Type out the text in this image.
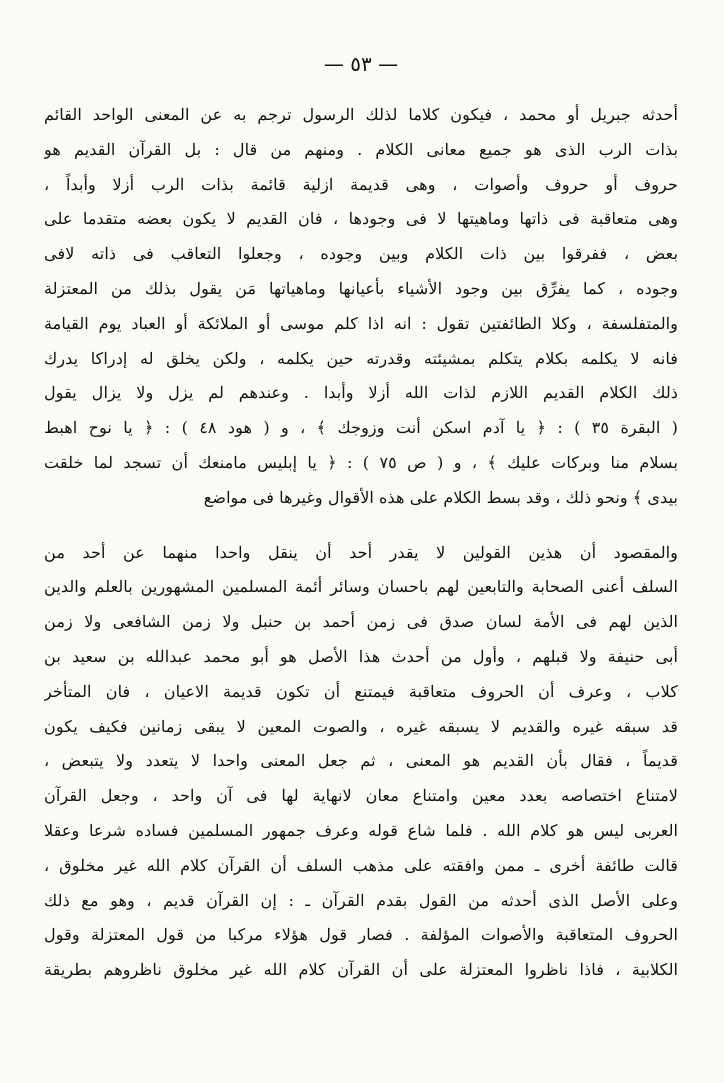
— ٥٣ —
أحدثه جبريل أو محمد ، فيكون كلاما لذلك الرسول ترجم به عن المعنى الواحد القائم
بذات الرب الذى هو جميع معانى الكلام . ومنهم من قال : بل القرآن القديم هو
حروف أو حروف وأصوات ، وهى قديمة ازلية قائمة بذات الرب أزلا وأبداً ،
وهى متعاقبة فى ذاتها وماهيتها لا فى وجودها ، فان القديم لا يكون بعضه متقدما على
بعض ، ففرقوا بين ذات الكلام وبين وجوده ، وجعلوا التعاقب فى ذاته لافى
وجوده ، كما يفرِّق بين وجود الأشياء بأعيانها وماهياتها مَن يقول بذلك من المعتزلة
والمتفلسفة ، وكلا الطائفتين تقول : انه اذا كلم موسى أو الملائكة أو العباد يوم القيامة
فانه لا يكلمه بكلام يتكلم بمشيئته وقدرته حين يكلمه ، ولكن يخلق له إدراكا يدرك
ذلك الكلام القديم اللازم لذات الله أزلا وأبدا . وعندهم لم يزل ولا يزال يقول
( البقرة ٣٥ ) : ﴿ يا آدم اسكن أنت وزوجك ﴾ ، و ( هود ٤٨ ) : ﴿ يا نوح اهبط
بسلام منا وبركات عليك ﴾ ، و ( ص ٧٥ ) : ﴿ يا إبليس مامنعك أن تسجد لما خلقت
بيدى ﴾ ونحو ذلك ، وقد بسط الكلام على هذه الأقوال وغيرها فى مواضع
والمقصود أن هذين القولين لا يقدر أحد أن ينقل واحدا منهما عن أحد من
السلف أعنى الصحابة والتابعين لهم باحسان وسائر أئمة المسلمين المشهورين بالعلم والدين
الذين لهم فى الأمة لسان صدق فى زمن أحمد بن حنبل ولا زمن الشافعى ولا زمن
أبى حنيفة ولا قبلهم ، وأول من أحدث هذا الأصل هو أبو محمد عبدالله بن سعيد بن
كلاب ، وعرف أن الحروف متعاقبة فيمتنع أن تكون قديمة الاعيان ، فان المتأخر
قد سبقه غيره والقديم لا يسبقه غيره ، والصوت المعين لا يبقى زمانين فكيف يكون
قديماً ، فقال بأن القديم هو المعنى ، ثم جعل المعنى واحدا لا يتعدد ولا يتبعض ،
لامتناع اختصاصه بعدد معين وامتناع معان لانهاية لها فى آن واحد ، وجعل القرآن
العربى ليس هو كلام الله . فلما شاع قوله وعرف جمهور المسلمين فساده شرعا وعقلا
قالت طائفة أخرى ـ ممن وافقته على مذهب السلف أن القرآن كلام الله غير مخلوق ،
وعلى الأصل الذى أحدثه من القول بقدم القرآن ـ : إن القرآن قديم ، وهو مع ذلك
الحروف المتعاقبة والأصوات المؤلفة . فصار قول هؤلاء مركبا من قول المعتزلة وقول
الكلابية ، فاذا ناظروا المعتزلة على أن القرآن كلام الله غير مخلوق ناظروهم بطريقة
